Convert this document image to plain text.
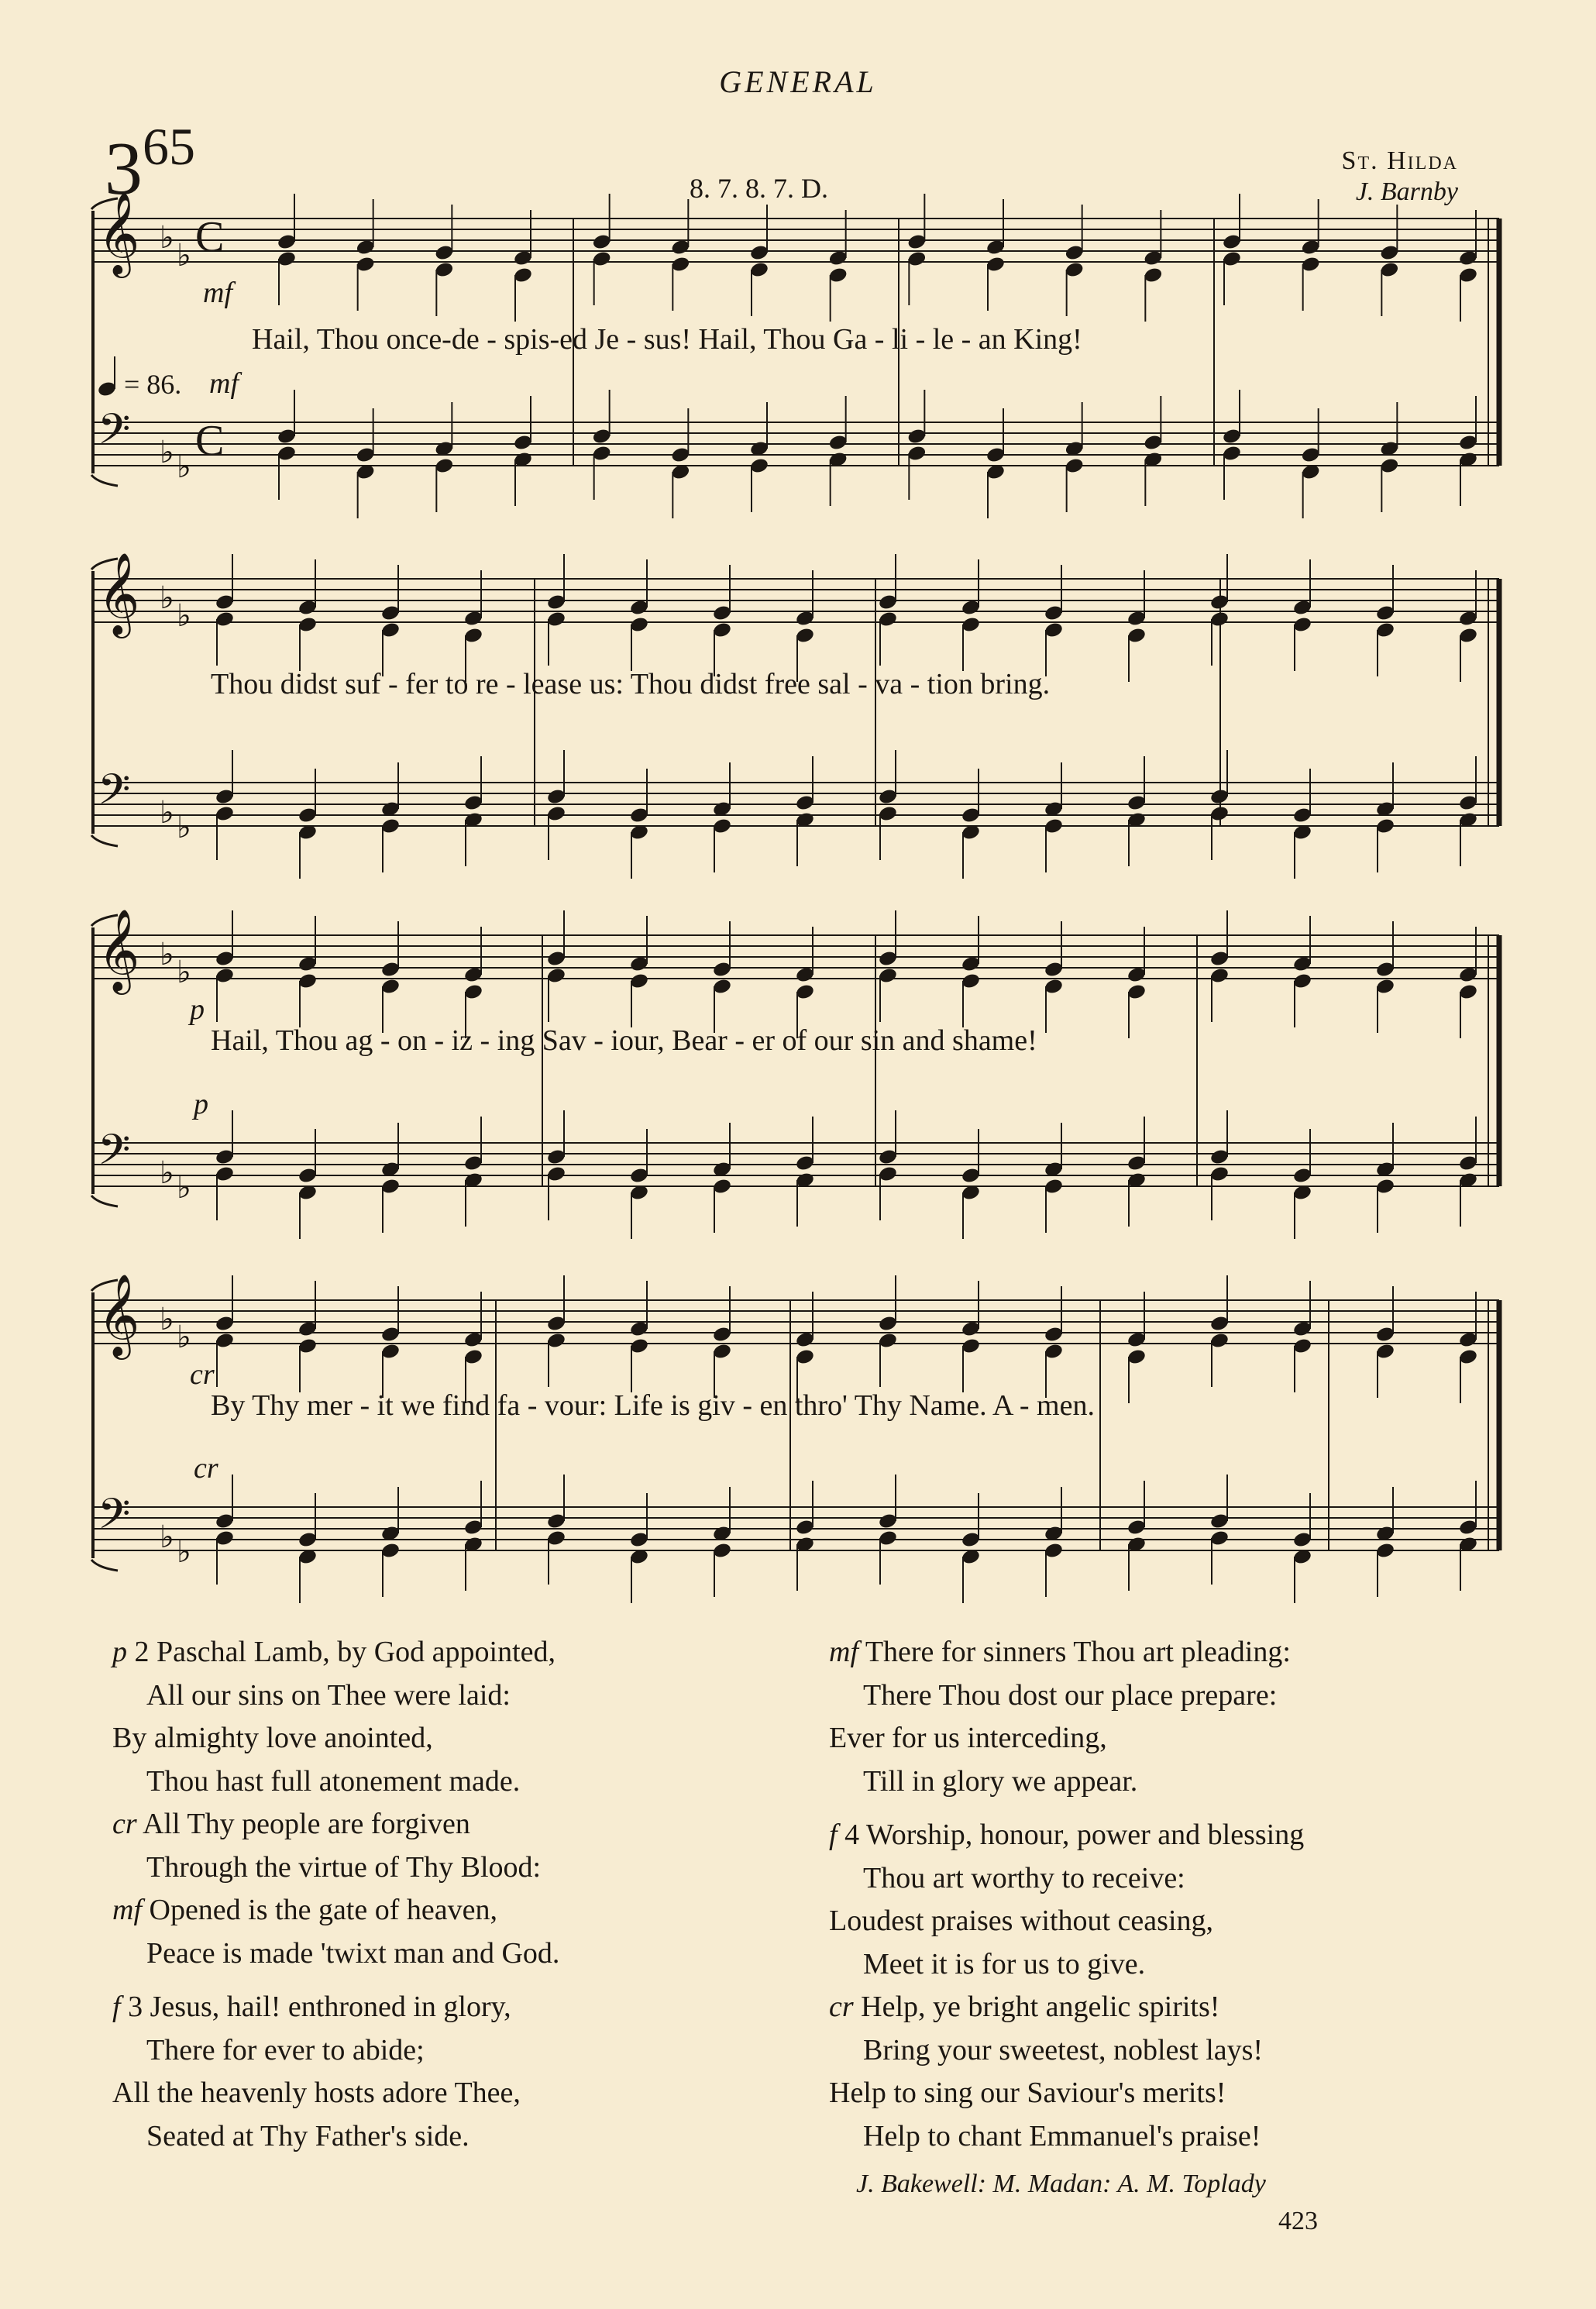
GENERAL
$3^{65}$
8. 7. 8. 7. D.
St. Hilda
J. Barnby
𝄞 ♭ ♭ C
𝄢 ♭ ♭
C
Hail, Thou once-de - spis-ed Je - sus! Hail, Thou Ga - li - le - an King!
mf
mf
𝄞 ♭ ♭
𝄢 ♭ ♭
Thou didst suf - fer to re - lease us: Thou didst free sal - va - tion bring.
𝄞 ♭ ♭
𝄢 ♭ ♭
Hail, Thou ag - on - iz - ing Sav - iour, Bear - er of our sin and shame!
p
p
𝄞 ♭ ♭
𝄢 ♭ ♭
By Thy mer - it we find fa - vour: Life is giv - en thro' Thy Name. A - men.
cr
cr
= 86.
p 2 Paschal Lamb, by God appointed,
All our sins on Thee were laid:
By almighty love anointed,
Thou hast full atonement made.
cr All Thy people are forgiven
Through the virtue of Thy Blood:
mf Opened is the gate of heaven,
Peace is made 'twixt man and God.
f 3 Jesus, hail! enthroned in glory,
There for ever to abide;
All the heavenly hosts adore Thee,
Seated at Thy Father's side.
mf There for sinners Thou art pleading:
There Thou dost our place prepare:
Ever for us interceding,
Till in glory we appear.
f 4 Worship, honour, power and blessing
Thou art worthy to receive:
Loudest praises without ceasing,
Meet it is for us to give.
cr Help, ye bright angelic spirits!
Bring your sweetest, noblest lays!
Help to sing our Saviour's merits!
Help to chant Emmanuel's praise!
J. Bakewell: M. Madan: A. M. Toplady
423
